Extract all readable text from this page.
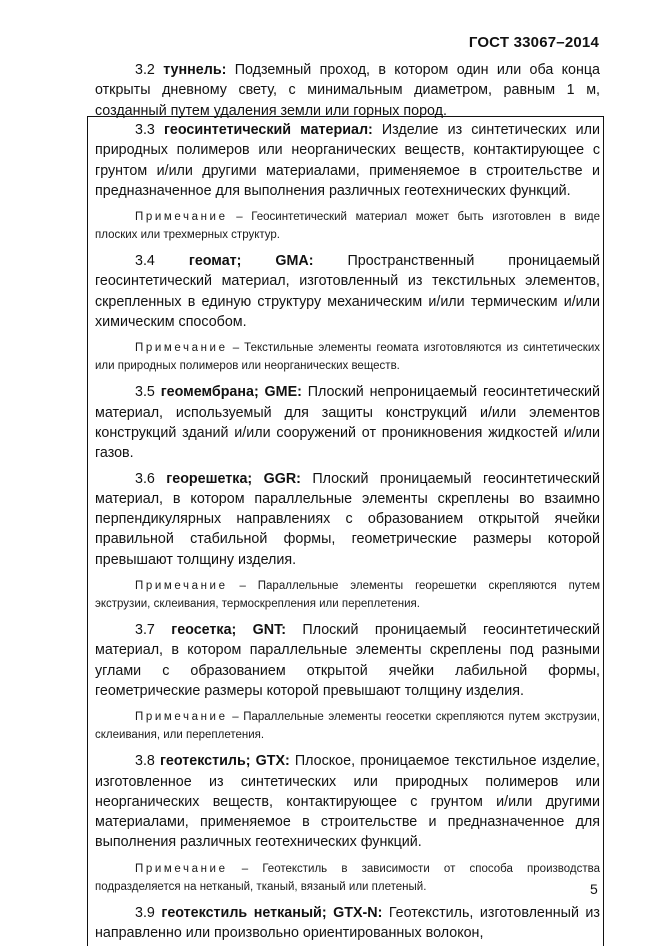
ГОСТ 33067–2014

3.2 туннель: Подземный проход, в котором один или оба конца открыты дневному свету, с минимальным диаметром, равным 1 м, созданный путем удаления земли или горных пород.

3.3 геосинтетический материал: Изделие из синтетических или природных полимеров или неорганических веществ, контактирующее с грунтом и/или другими материалами, применяемое в строительстве и предназначенное для выполнения различных геотехнических функций.

Примечание – Геосинтетический материал может быть изготовлен в виде плоских или трехмерных структур.

3.4 геомат; GMA: Пространственный проницаемый геосинтетический материал, изготовленный из текстильных элементов, скрепленных в единую структуру механическим и/или термическим и/или химическим способом.

Примечание – Текстильные элементы геомата изготовляются из синтетических или природных полимеров или неорганических веществ.

3.5 геомембрана; GME: Плоский непроницаемый геосинтетический материал, используемый для защиты конструкций и/или элементов конструкций зданий и/или сооружений от проникновения жидкостей и/или газов.

3.6 георешетка; GGR: Плоский проницаемый геосинтетический материал, в котором параллельные элементы скреплены во взаимно перпендикулярных направлениях с образованием открытой ячейки правильной стабильной формы, геометрические размеры которой превышают толщину изделия.

Примечание – Параллельные элементы георешетки скрепляются путем экструзии, склеивания, термоскрепления или переплетения.

3.7 геосетка; GNT: Плоский проницаемый геосинтетический материал, в котором параллельные элементы скреплены под разными углами с образованием открытой ячейки лабильной формы, геометрические размеры которой превышают толщину изделия.

Примечание – Параллельные элементы геосетки скрепляются путем экструзии, склеивания, или переплетения.

3.8 геотекстиль; GTX: Плоское, проницаемое текстильное изделие, изготовленное из синтетических или природных полимеров или неорганических веществ, контактирующее с грунтом и/или другими материалами, применяемое в строительстве и предназначенное для выполнения различных геотехнических функций.

Примечание – Геотекстиль в зависимости от способа производства подразделяется на нетканый, тканый, вязаный или плетеный.

3.9 геотекстиль нетканый; GTX-N: Геотекстиль, изготовленный из направленно или произвольно ориентированных волокон,

5
